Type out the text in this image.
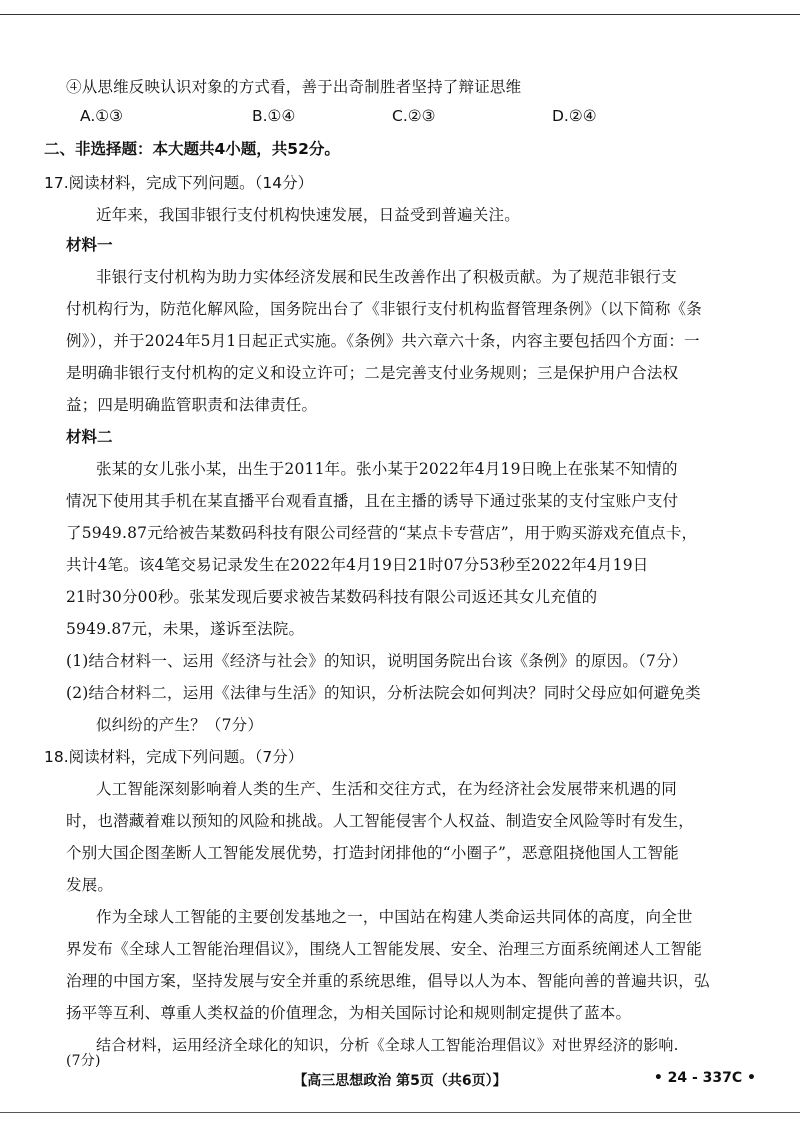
④从思维反映认识对象的方式看，善于出奇制胜者坚持了辩证思维
A.①③	B.①④	C.②③	D.②④
二、非选择题：本大题共4小题，共52分。
17.阅读材料，完成下列问题。（14分）
近年来，我国非银行支付机构快速发展，日益受到普遍关注。
材料一
非银行支付机构为助力实体经济发展和民生改善作出了积极贡献。为了规范非银行支
付机构行为，防范化解风险，国务院出台了《非银行支付机构监督管理条例》（以下简称《条
例》），并于2024年5月1日起正式实施。《条例》共六章六十条，内容主要包括四个方面：一
是明确非银行支付机构的定义和设立许可；二是完善支付业务规则；三是保护用户合法权
益；四是明确监管职责和法律责任。
材料二
张某的女儿张小某，出生于2011年。张小某于2022年4月19日晚上在张某不知情的
情况下使用其手机在某直播平台观看直播，且在主播的诱导下通过张某的支付宝账户支付
了5949.87元给被告某数码科技有限公司经营的“某点卡专营店”，用于购买游戏充值点卡，
共计4笔。该4笔交易记录发生在2022年4月19日21时07分53秒至2022年4月19日
21时30分00秒。张某发现后要求被告某数码科技有限公司返还其女儿充值的
5949.87元，未果，遂诉至法院。
(1)结合材料一、运用《经济与社会》的知识，说明国务院出台该《条例》的原因。（7分）
(2)结合材料二，运用《法律与生活》的知识，分析法院会如何判决？同时父母应如何避免类
似纠纷的产生？（7分）
18.阅读材料，完成下列问题。（7分）
人工智能深刻影响着人类的生产、生活和交往方式，在为经济社会发展带来机遇的同
时，也潜藏着难以预知的风险和挑战。人工智能侵害个人权益、制造安全风险等时有发生，
个别大国企图垄断人工智能发展优势，打造封闭排他的“小圈子”，恶意阻挠他国人工智能
发展。
作为全球人工智能的主要创发基地之一，中国站在构建人类命运共同体的高度，向全世
界发布《全球人工智能治理倡议》，围绕人工智能发展、安全、治理三方面系统阐述人工智能
治理的中国方案，坚持发展与安全并重的系统思维，倡导以人为本、智能向善的普遍共识，弘
扬平等互利、尊重人类权益的价值理念，为相关国际讨论和规则制定提供了蓝本。
结合材料，运用经济全球化的知识，分析《全球人工智能治理倡议》对世界经济的影响.
(7分)
【高三思想政治 第5页（共6页）】	• 24 - 337C •
